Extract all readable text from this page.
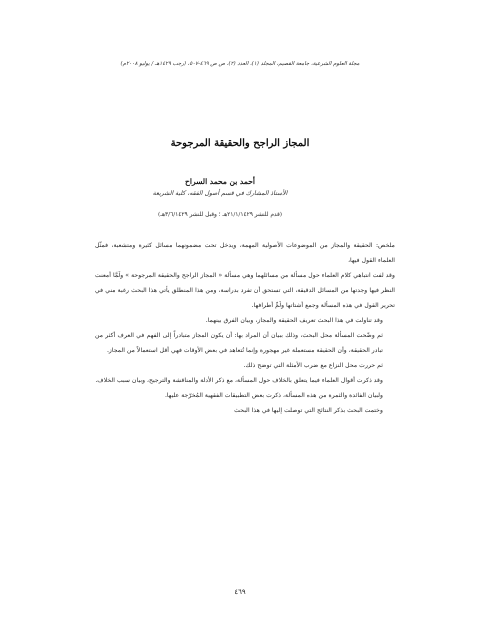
مجلة العلوم الشرعية، جامعة القصيم، المجلد (١)، العدد (٢)، ص ص ٤٦٩-٥٠٧، (رجب ١٤٢٩هـ / يوليو ٢٠٠٨م)
المجاز الراجح والحقيقة المرجوحة
أحمد بن محمد السراح
الأستاذ المشارك في قسم أصول الفقه، كلية الشريعة
(قدم للنشر ٢١/١/١٤٢٩هـ ؛ وقبل للنشر ٣/٦/١٤٢٩هـ)

ملخص: الحقيقة والمجاز من الموضوعات الأصولية المهمة، ويدخل تحت مضمونهما مسائل كثيرة ومتشعبة، فمثّل العلماء القول فيها،

وقد لفت انتباهي كلام العلماء حول مسألة من مسائلهما وهي مسألة « المجاز الراجح والحقيقة المرجوحة » ولَمَّا أمعنت النظر فيها وجدتها من المسائل الدقيقة، التي تستحق أن تفرد بدراسة، ومن هذا المنطلق يأتي هذا البحث رغبة مني في تحرير القول في هذه المسألة وجمع أشتاتها ولَمِّ أطرافها.

وقد تناولت في هذا البحث تعريف الحقيقة والمجاز، وبيان الفرق بينهما.

ثم وضّحت المسألة محل البحث، وذلك ببيان أن المراد بها: أن يكون المجاز متبادراً إلى الفهم في العرف أكثر من تبادر الحقيقة، وأن الحقيقة مستعملة غير مهجورة وإنما تُتعاهد في بعض الأوقات فهي أقل استعمالاً من المجاز.

ثم حررت محل النزاع مع ضرب الأمثلة التي توضح ذلك.

وقد ذكرت أقوال العلماء فيما يتعلق بالخلاف حول المسألة، مع ذكر الأدلة والمناقشة والترجيح، وبيان سبب الخلاف.

ولبيان الفائدة والثمرة من هذه المسألة، ذكرت بعض التطبيقات الفقهية المُخرّجة عليها.

وختمت البحث بذكر النتائج التي توصلت إليها في هذا البحث

٤٦٩
